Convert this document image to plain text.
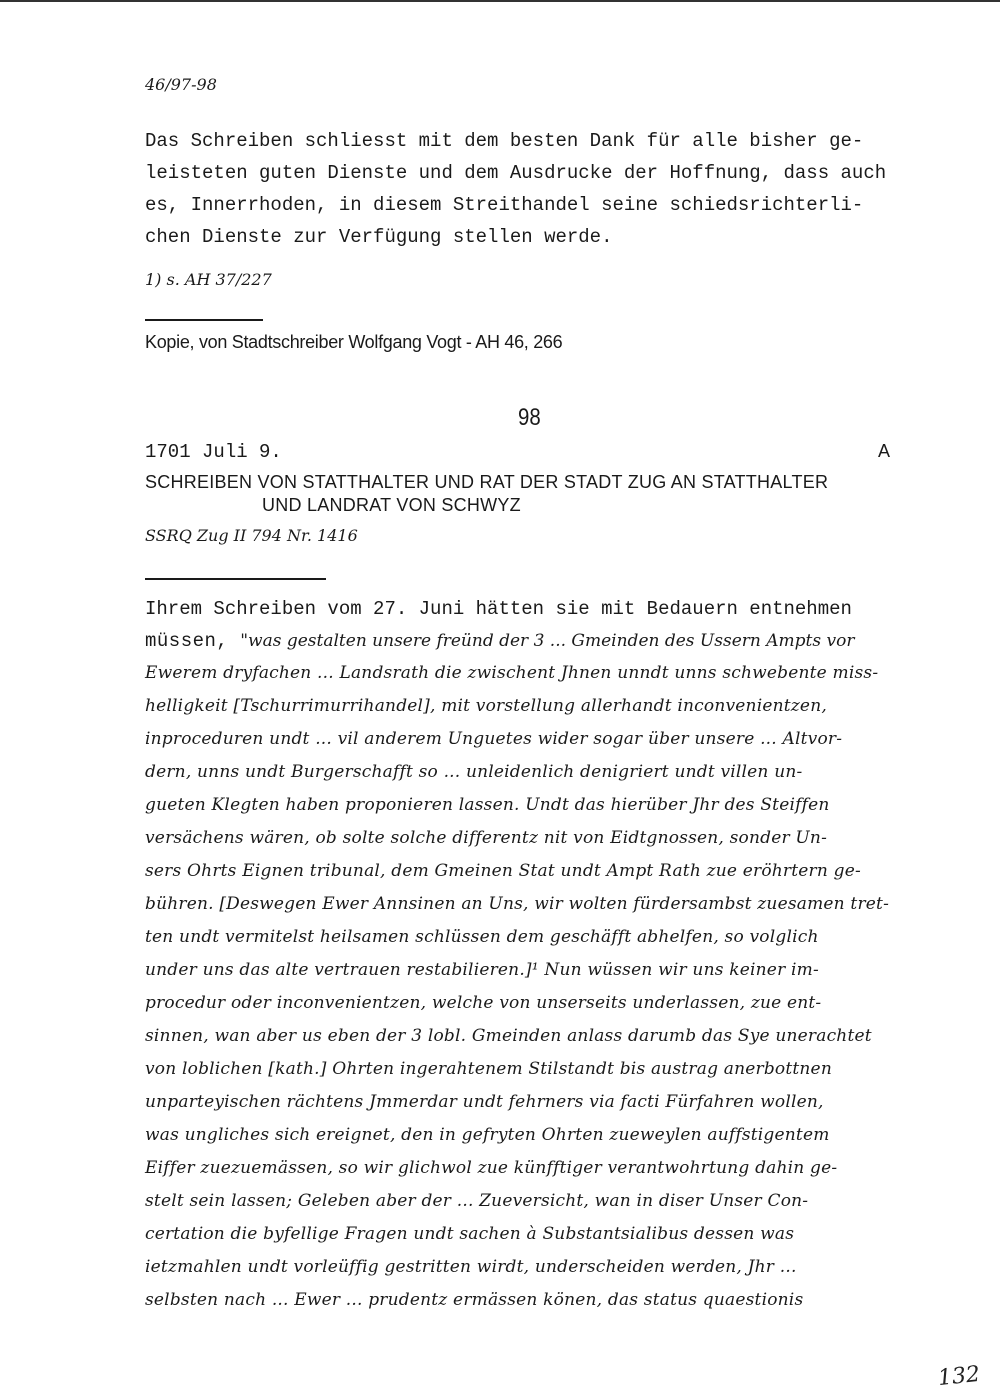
46/97-98
Das Schreiben schliesst mit dem besten Dank für alle bisher ge-
leisteten guten Dienste und dem Ausdrucke der Hoffnung, dass auch
es, Innerrhoden, in diesem Streithandel seine schiedsrichterli-
chen Dienste zur Verfügung stellen werde.
1) s. AH 37/227
Kopie, von Stadtschreiber Wolfgang Vogt - AH 46, 266
98
1701 Juli 9.	A
SCHREIBEN VON STATTHALTER UND RAT DER STADT ZUG AN STATTHALTER
UND LANDRAT VON SCHWYZ
SSRQ Zug II 794 Nr. 1416
Ihrem Schreiben vom 27. Juni hätten sie mit Bedauern entnehmen
müssen, "was gestalten unsere freünd der 3 ... Gmeinden des Ussern Ampts vor
Ewerem dryfachen ... Landsrath die zwischent Jhnen unndt unns schwebente miss-
helligkeit [Tschurrimurrihandel], mit vorstellung allerhandt inconvenientzen,
inproceduren undt ... vil anderem Unguetes wider sogar über unsere ... Altvor-
dern, unns undt Burgerschafft so ... unleidenlich denigriert undt villen un-
gueten Klegten haben proponieren lassen. Undt das hierüber Jhr des Steiffen
versächens wären, ob solte solche differentz nit von Eidtgnossen, sonder Un-
sers Ohrts Eignen tribunal, dem Gmeinen Stat undt Ampt Rath zue eröhrtern ge-
bühren. [Deswegen Ewer Annsinen an Uns, wir wolten fürdersambst zuesamen tret-
ten undt vermitelst heilsamen schlüssen dem geschäfft abhelfen, so volglich
under uns das alte vertrauen restabilieren.]¹ Nun wüssen wir uns keiner im-
procedur oder inconvenientzen, welche von unserseits underlassen, zue ent-
sinnen, wan aber us eben der 3 lobl. Gmeinden anlass darumb das Sye unerachtet
von loblichen [kath.] Ohrten ingerahtenem Stilstandt bis austrag anerbottnen
unparteyischen rächtens Jmmerdar undt fehrners via facti Fürfahren wollen,
was ungliches sich ereignet, den in gefryten Ohrten zueweylen auffstigentem
Eiffer zuezuemässen, so wir glichwol zue künfftiger verantwohrtung dahin ge-
stelt sein lassen; Geleben aber der ... Zueversicht, wan in diser Unser Con-
certation die byfellige Fragen undt sachen à Substantsialibus dessen was
ietzmahlen undt vorleüffig gestritten wirdt, underscheiden werden, Jhr ...
selbsten nach ... Ewer ... prudentz ermässen könen, das status quaestionis
132
